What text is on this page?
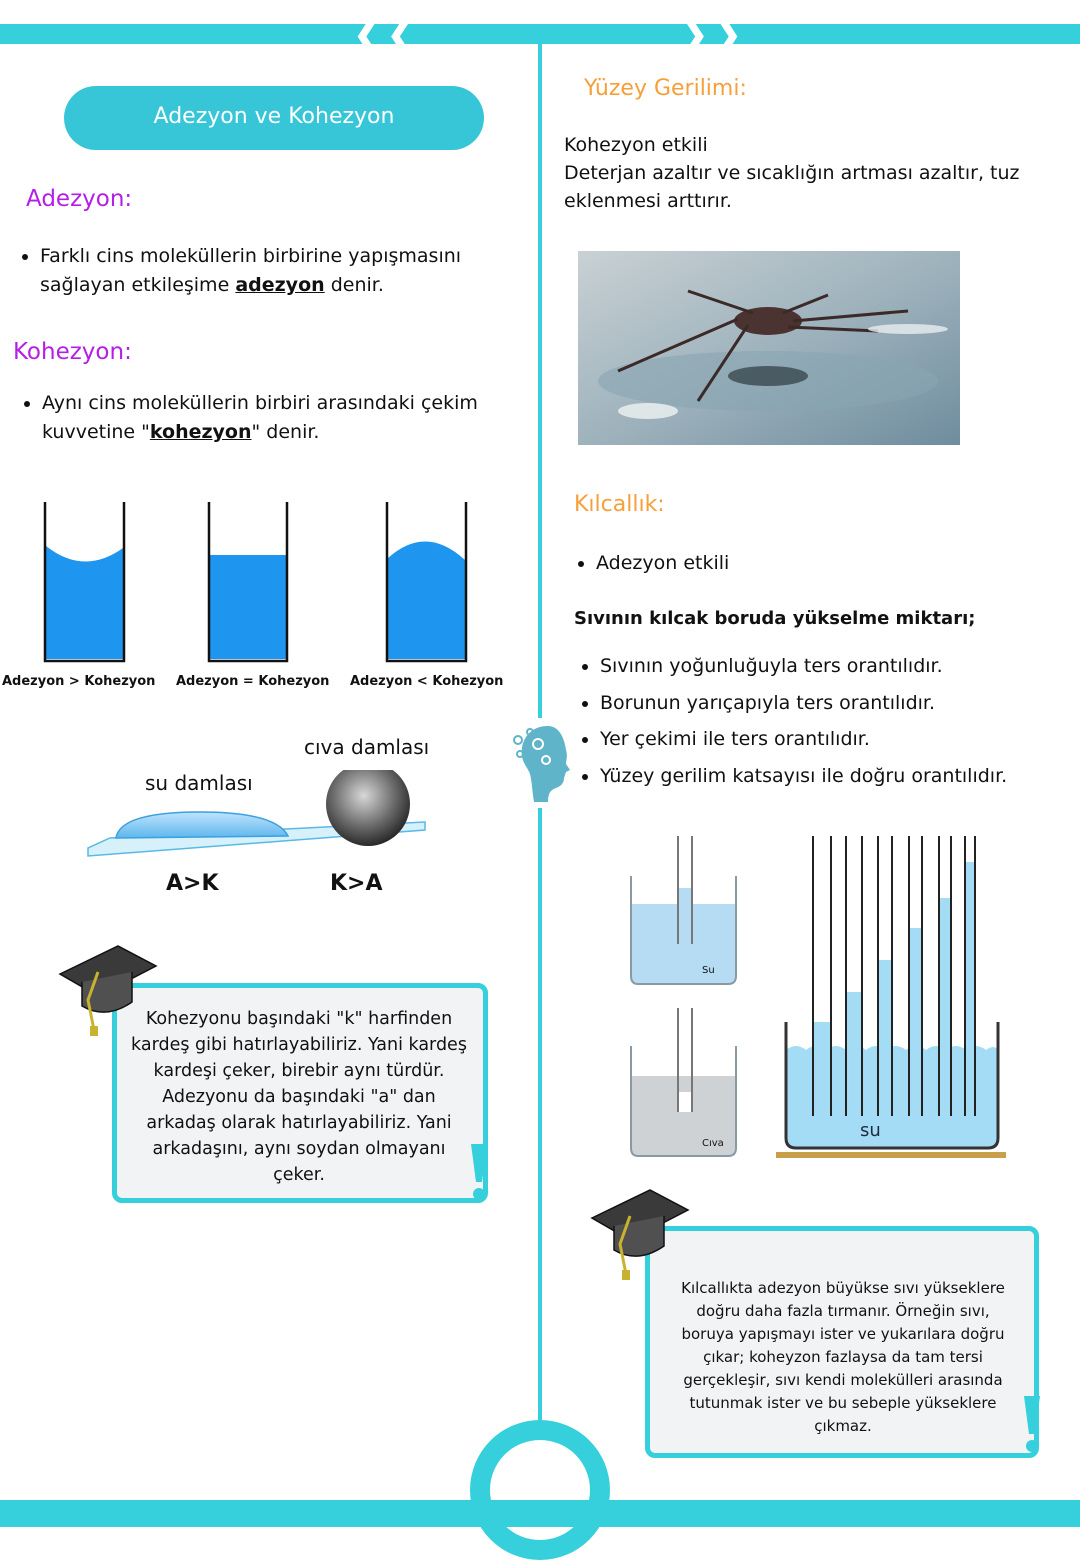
❮❮	❯❯
Adezyon ve Kohezyon
Adezyon:
• Farklı cins moleküllerin birbirine yapışmasını sağlayan etkileşime adezyon denir.
Kohezyon:
• Aynı cins moleküllerin birbiri arasındaki çekim kuvvetine "kohezyon" denir.
Adezyon > Kohezyon Adezyon = Kohezyon Adezyon < Kohezyon
su damlası
cıva damlası
A>K	K>A
Kohezyonu başındaki "k" harfinden kardeş gibi hatırlayabiliriz. Yani kardeş kardeşi çeker, birebir aynı türdür. Adezyonu da başındaki "a" dan arkadaş olarak hatırlayabiliriz. Yani arkadaşını, aynı soydan olmayanı çeker.
Yüzey Gerilimi:
Kohezyon etkili
Deterjan azaltır ve sıcaklığın artması azaltır, tuz eklenmesi arttırır.
Kılcallık:
• Adezyon etkili
Sıvının kılcak boruda yükselme miktarı;
• Sıvının yoğunluğuyla ters orantılıdır.
• Borunun yarıçapıyla ters orantılıdır.
• Yer çekimi ile ters orantılıdır.
• Yüzey gerilim katsayısı ile doğru orantılıdır.
Su
Cıva
su
Kılcallıkta adezyon büyükse sıvı yükseklere doğru daha fazla tırmanır. Örneğin sıvı, boruya yapışmayı ister ve yukarılara doğru çıkar; koheyzon fazlaysa da tam tersi gerçekleşir, sıvı kendi molekülleri arasında tutunmak ister ve bu sebeple yükseklere çıkmaz.
